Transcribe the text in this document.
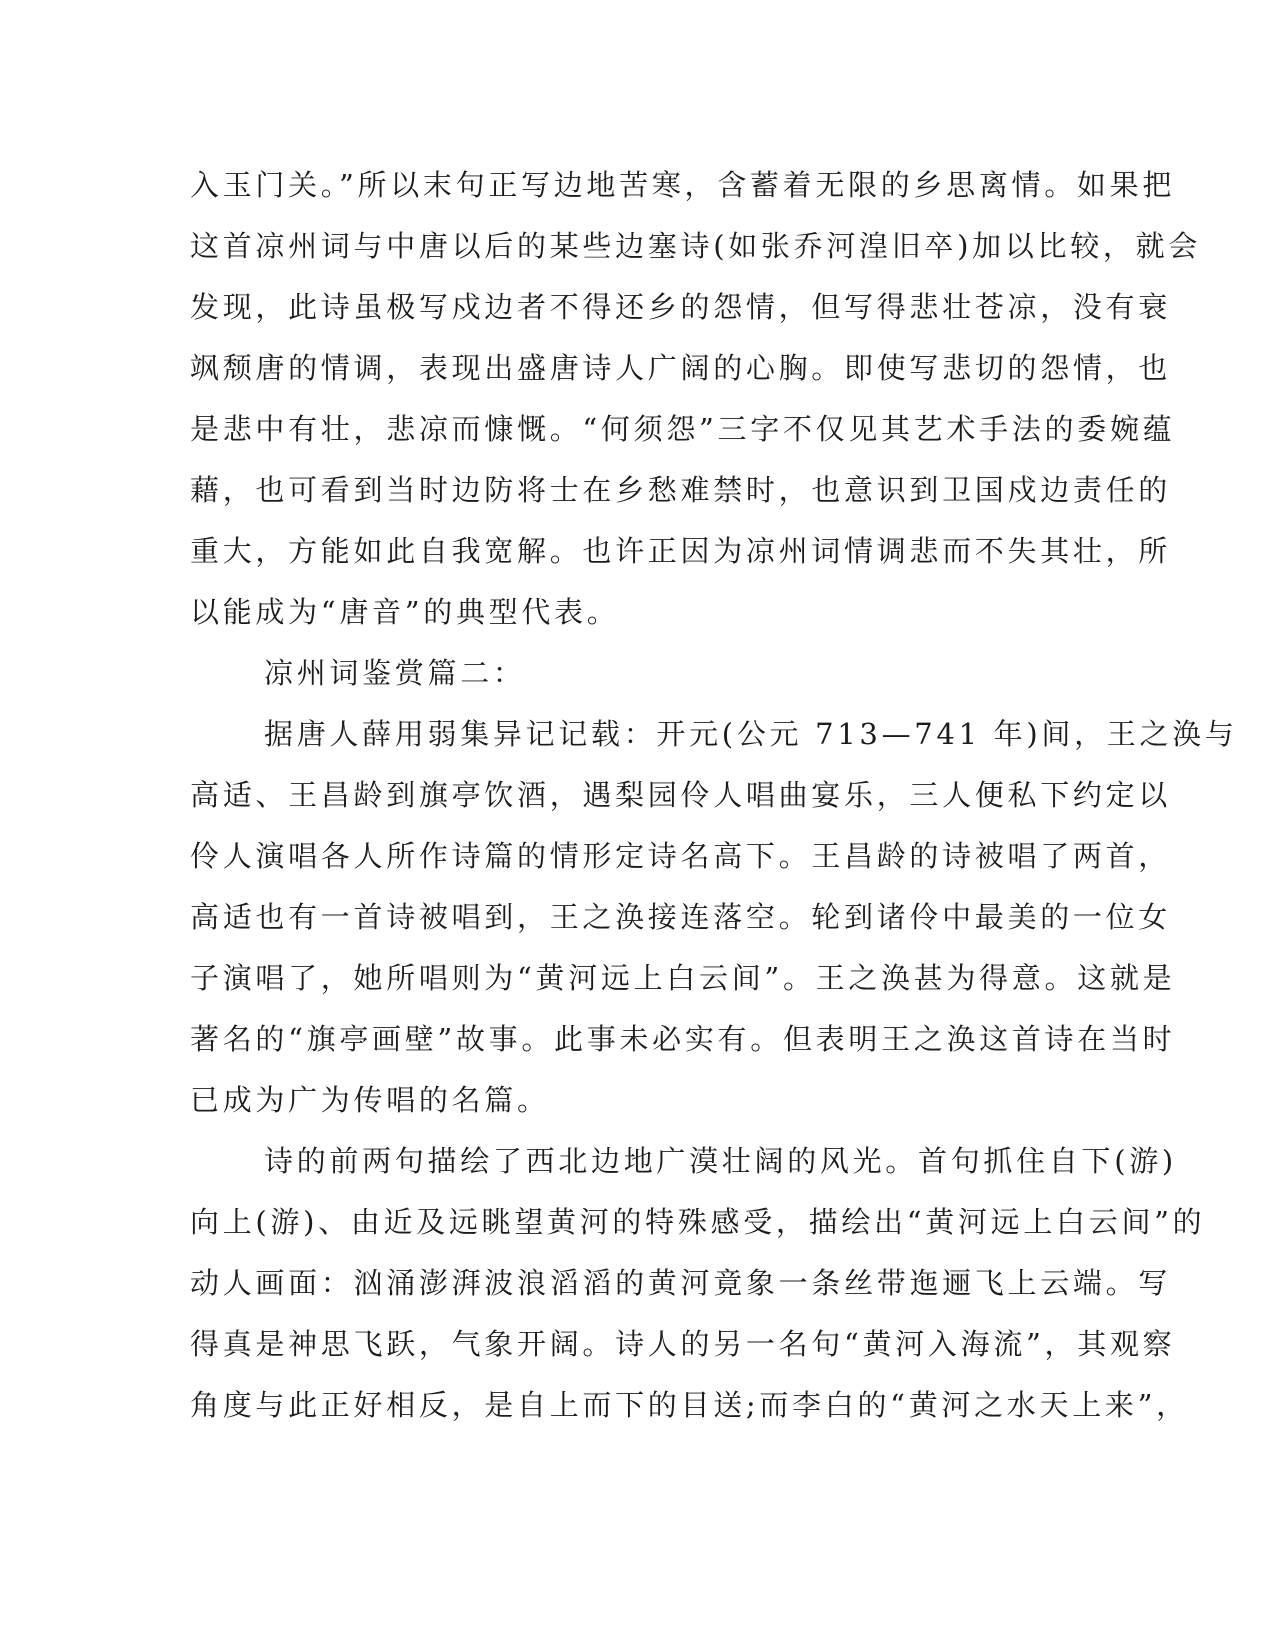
入玉门关。”所以末句正写边地苦寒，含蓄着无限的乡思离情。如果把
这首凉州词与中唐以后的某些边塞诗(如张乔河湟旧卒)加以比较，就会
发现，此诗虽极写戍边者不得还乡的怨情，但写得悲壮苍凉，没有衰
飒颓唐的情调，表现出盛唐诗人广阔的心胸。即使写悲切的怨情，也
是悲中有壮，悲凉而慷慨。“何须怨”三字不仅见其艺术手法的委婉蕴
藉，也可看到当时边防将士在乡愁难禁时，也意识到卫国戍边责任的
重大，方能如此自我宽解。也许正因为凉州词情调悲而不失其壮，所
以能成为“唐音”的典型代表。
凉州词鉴赏篇二：
据唐人薛用弱集异记记载：开元(公元 713—741 年)间，王之涣与
高适、王昌龄到旗亭饮酒，遇梨园伶人唱曲宴乐，三人便私下约定以
伶人演唱各人所作诗篇的情形定诗名高下。王昌龄的诗被唱了两首，
高适也有一首诗被唱到，王之涣接连落空。轮到诸伶中最美的一位女
子演唱了，她所唱则为“黄河远上白云间”。王之涣甚为得意。这就是
著名的“旗亭画壁”故事。此事未必实有。但表明王之涣这首诗在当时
已成为广为传唱的名篇。
诗的前两句描绘了西北边地广漠壮阔的风光。首句抓住自下(游)
向上(游)、由近及远眺望黄河的特殊感受，描绘出“黄河远上白云间”的
动人画面：汹涌澎湃波浪滔滔的黄河竟象一条丝带迤逦飞上云端。写
得真是神思飞跃，气象开阔。诗人的另一名句“黄河入海流”，其观察
角度与此正好相反，是自上而下的目送;而李白的“黄河之水天上来”，
